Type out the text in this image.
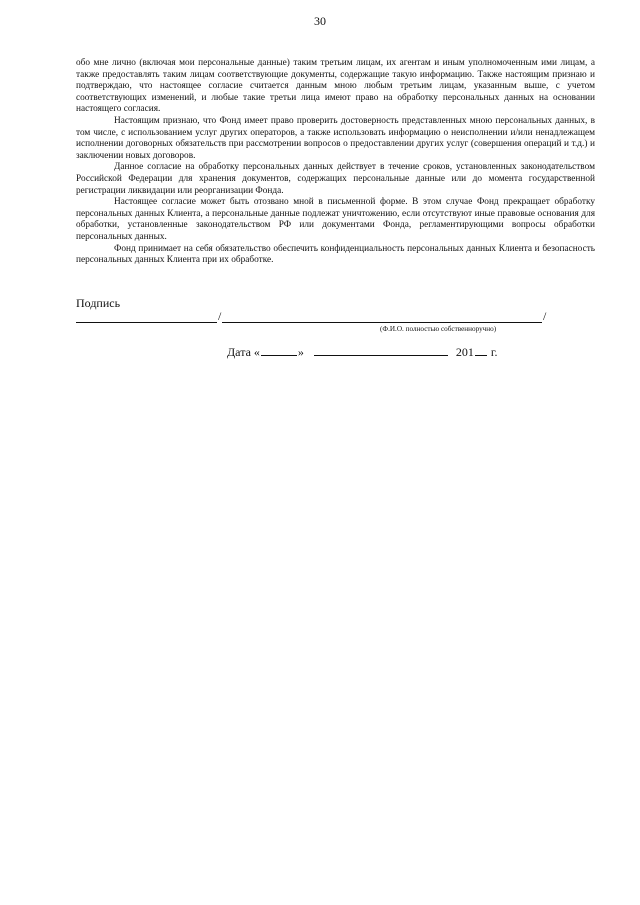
30

обо мне лично (включая мои персональные данные) таким третьим лицам, их агентам и иным уполномоченным ими лицам, а также предоставлять таким лицам соответствующие документы, содержащие такую информацию. Также настоящим признаю и подтверждаю, что настоящее согласие считается данным мною любым третьим лицам, указанным выше, с учетом соответствующих изменений, и любые такие третьи лица имеют право на обработку персональных данных на основании настоящего согласия.

Настоящим признаю, что Фонд имеет право проверить достоверность представленных мною персональных данных, в том числе, с использованием услуг других операторов, а также использовать информацию о неисполнении и/или ненадлежащем исполнении договорных обязательств при рассмотрении вопросов о предоставлении других услуг (совершения операций и т.д.) и заключении новых договоров.

Данное согласие на обработку персональных данных действует в течение сроков, установленных законодательством Российской Федерации для хранения документов, содержащих персональные данные или до момента государственной регистрации ликвидации или реорганизации Фонда.

Настоящее согласие может быть отозвано мной в письменной форме. В этом случае Фонд прекращает обработку персональных данных Клиента, а персональные данные подлежат уничтожению, если отсутствуют иные правовые основания для обработки, установленные законодательством РФ или документами Фонда, регламентирующими вопросы обработки персональных данных.

Фонд принимает на себя обязательство обеспечить конфиденциальность персональных данных Клиента и безопасность персональных данных Клиента при их обработке.

Подпись
/	/
(Ф.И.О. полностью собственноручно)
Дата «	»	201 г.
